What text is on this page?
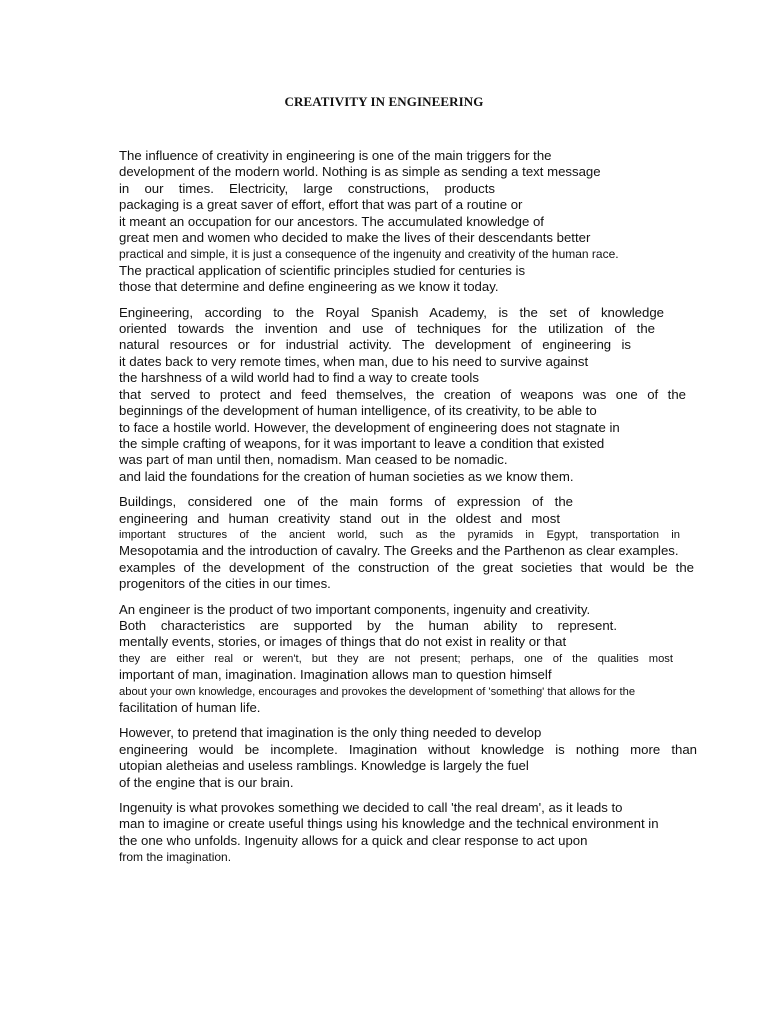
CREATIVITY IN ENGINEERING
The influence of creativity in engineering is one of the main triggers for the
development of the modern world. Nothing is as simple as sending a text message
in our times. Electricity, large constructions, products
packaging is a great saver of effort, effort that was part of a routine or
it meant an occupation for our ancestors. The accumulated knowledge of
great men and women who decided to make the lives of their descendants better
practical and simple, it is just a consequence of the ingenuity and creativity of the human race.
The practical application of scientific principles studied for centuries is
those that determine and define engineering as we know it today.
Engineering, according to the Royal Spanish Academy, is the set of knowledge
oriented towards the invention and use of techniques for the utilization of the
natural resources or for industrial activity. The development of engineering is
it dates back to very remote times, when man, due to his need to survive against
the harshness of a wild world had to find a way to create tools
that served to protect and feed themselves, the creation of weapons was one of the
beginnings of the development of human intelligence, of its creativity, to be able to
to face a hostile world. However, the development of engineering does not stagnate in
the simple crafting of weapons, for it was important to leave a condition that existed
was part of man until then, nomadism. Man ceased to be nomadic.
and laid the foundations for the creation of human societies as we know them.
Buildings, considered one of the main forms of expression of the
engineering and human creativity stand out in the oldest and most
important structures of the ancient world, such as the pyramids in Egypt, transportation in
Mesopotamia and the introduction of cavalry. The Greeks and the Parthenon as clear examples.
examples of the development of the construction of the great societies that would be the
progenitors of the cities in our times.
An engineer is the product of two important components, ingenuity and creativity.
Both characteristics are supported by the human ability to represent.
mentally events, stories, or images of things that do not exist in reality or that
they are either real or weren't, but they are not present; perhaps, one of the qualities most
important of man, imagination. Imagination allows man to question himself
about your own knowledge, encourages and provokes the development of 'something' that allows for the
facilitation of human life.
However, to pretend that imagination is the only thing needed to develop
engineering would be incomplete. Imagination without knowledge is nothing more than
utopian aletheias and useless ramblings. Knowledge is largely the fuel
of the engine that is our brain.
Ingenuity is what provokes something we decided to call 'the real dream', as it leads to
man to imagine or create useful things using his knowledge and the technical environment in
the one who unfolds. Ingenuity allows for a quick and clear response to act upon
from the imagination.
